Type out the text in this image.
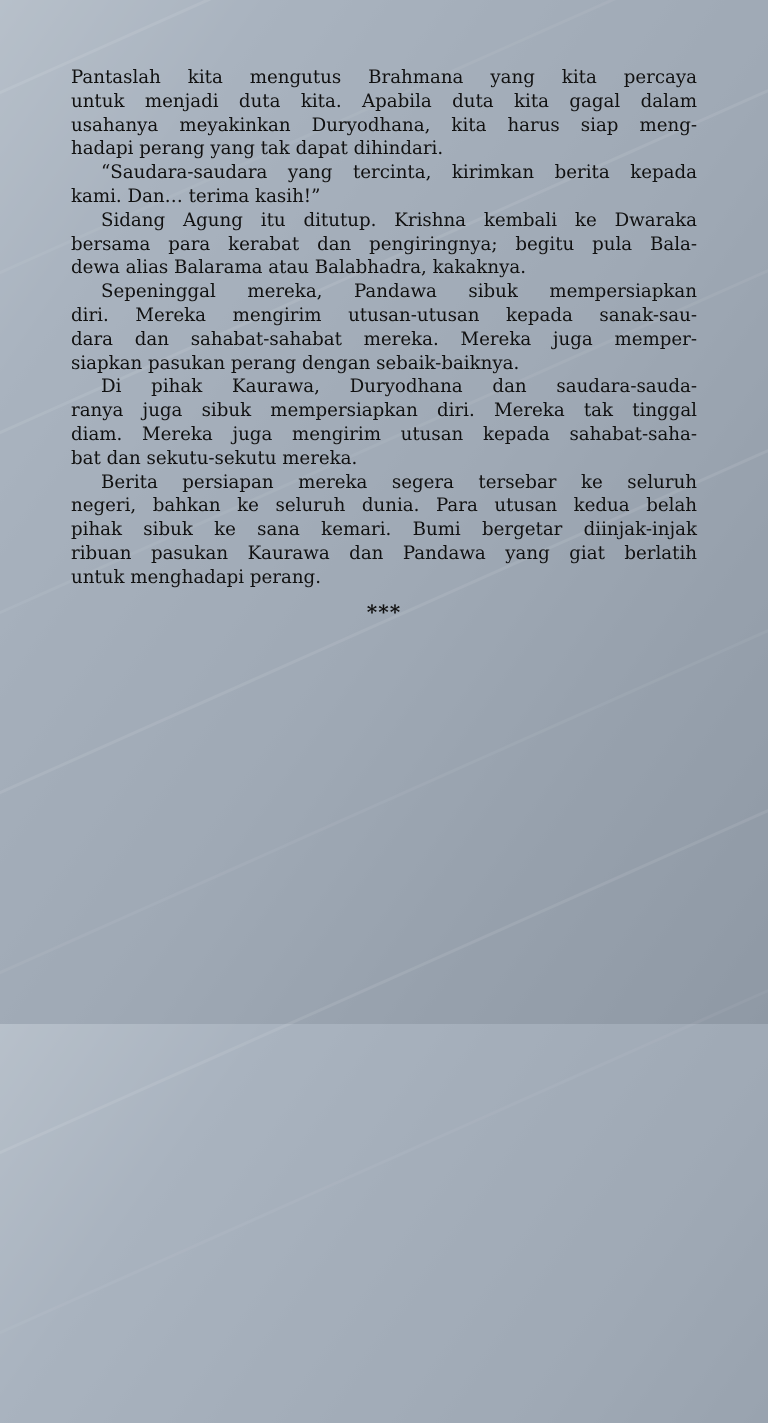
Pantaslah kita mengutus Brahmana yang kita percaya
untuk menjadi duta kita. Apabila duta kita gagal dalam
usahanya meyakinkan Duryodhana, kita harus siap meng-
hadapi perang yang tak dapat dihindari.

“Saudara-saudara yang tercinta, kirimkan berita kepada
kami. Dan… terima kasih!”

Sidang Agung itu ditutup. Krishna kembali ke Dwaraka
bersama para kerabat dan pengiringnya; begitu pula Bala-
dewa alias Balarama atau Balabhadra, kakaknya.

Sepeninggal mereka, Pandawa sibuk mempersiapkan
diri. Mereka mengirim utusan-utusan kepada sanak-sau-
dara dan sahabat-sahabat mereka. Mereka juga memper-
siapkan pasukan perang dengan sebaik-baiknya.

Di pihak Kaurawa, Duryodhana dan saudara-sauda-
ranya juga sibuk mempersiapkan diri. Mereka tak tinggal
diam. Mereka juga mengirim utusan kepada sahabat-saha-
bat dan sekutu-sekutu mereka.

Berita persiapan mereka segera tersebar ke seluruh
negeri, bahkan ke seluruh dunia. Para utusan kedua belah
pihak sibuk ke sana kemari. Bumi bergetar diinjak-injak
ribuan pasukan Kaurawa dan Pandawa yang giat berlatih
untuk menghadapi perang.

***
